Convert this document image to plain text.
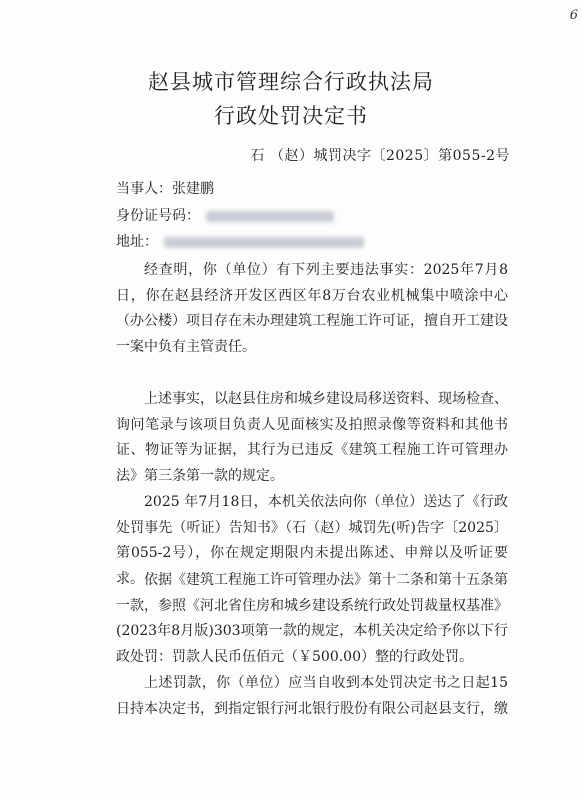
6
赵县城市管理综合行政执法局
行政处罚决定书
石 （赵）城罚决字〔2025〕第055-2号
当事人：张建鹏
身份证号码：
地址：

经查明，你（单位）有下列主要违法事实：2025年7月8日，你在赵县经济开发区西区年8万台农业机械集中喷涂中心（办公楼）项目存在未办理建筑工程施工许可证，擅自开工建设一案中负有主管责任。

上述事实，以赵县住房和城乡建设局移送资料、现场检查、询问笔录与该项目负责人见面核实及拍照录像等资料和其他书证、物证等为证据，其行为已违反《建筑工程施工许可管理办法》第三条第一款的规定。

2025 年7月18日，本机关依法向你（单位）送达了《行政处罚事先（听证）告知书》（石（赵）城罚先(听)告字〔2025〕第055-2号），你在规定期限内未提出陈述、申辩以及听证要求。 依据《建筑工程施工许可管理办法》第十二条和第十五条第一款，参照《河北省住房和城乡建设系统行政处罚裁量权基准》(2023年8月版)303项第一款的规定，本机关决定给予你以下行政处罚：罚款人民币伍佰元（￥500.00）整的行政处罚。

上述罚款，你（单位）应当自收到本处罚决定书之日起15日持本决定书，到指定银行河北银行股份有限公司赵县支行，缴
